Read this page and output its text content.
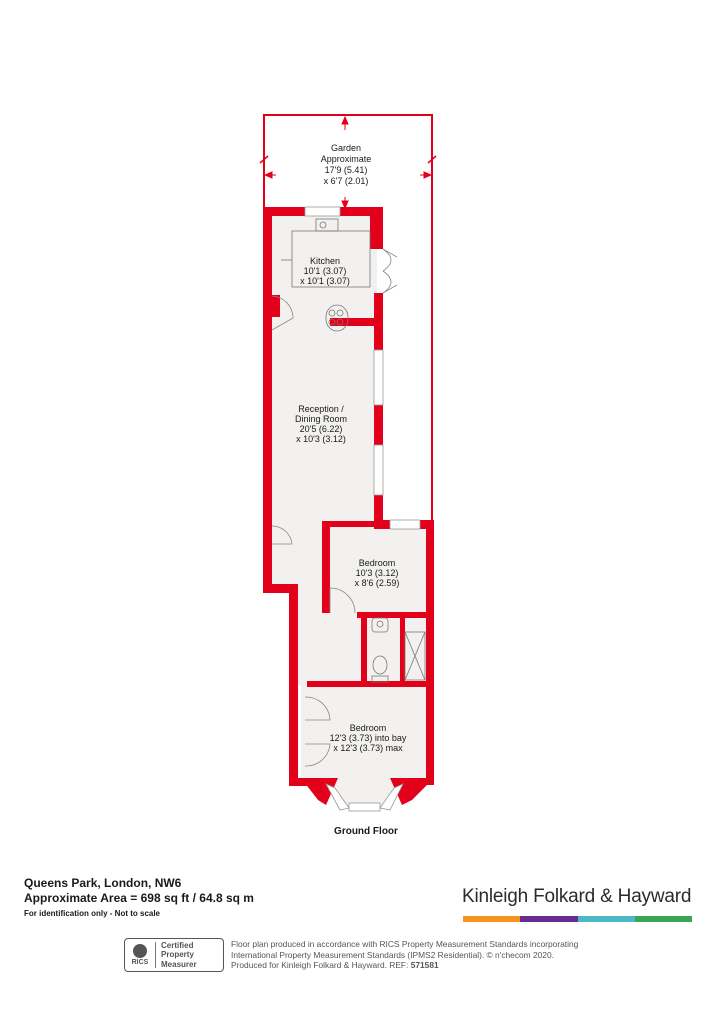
Garden
Approximate
17'9 (5.41)
x 6'7 (2.01)
Kitchen
10'1 (3.07)
x 10'1 (3.07)
Reception /
Dining Room
20'5 (6.22)
x 10'3 (3.12)
Bedroom
10'3 (3.12)
x 8'6 (2.59)
Bedroom
12'3 (3.73) into bay
x 12'3 (3.73) max
Ground Floor
Queens Park, London, NW6
Approximate Area = 698 sq ft / 64.8 sq m
For identification only - Not to scale
Kinleigh Folkard & Hayward
RICS
Certified
Property
Measurer
Floor plan produced in accordance with RICS Property Measurement Standards incorporating
International Property Measurement Standards (IPMS2 Residential). © n'checom 2020.
Produced for Kinleigh Folkard & Hayward. REF: 571581
